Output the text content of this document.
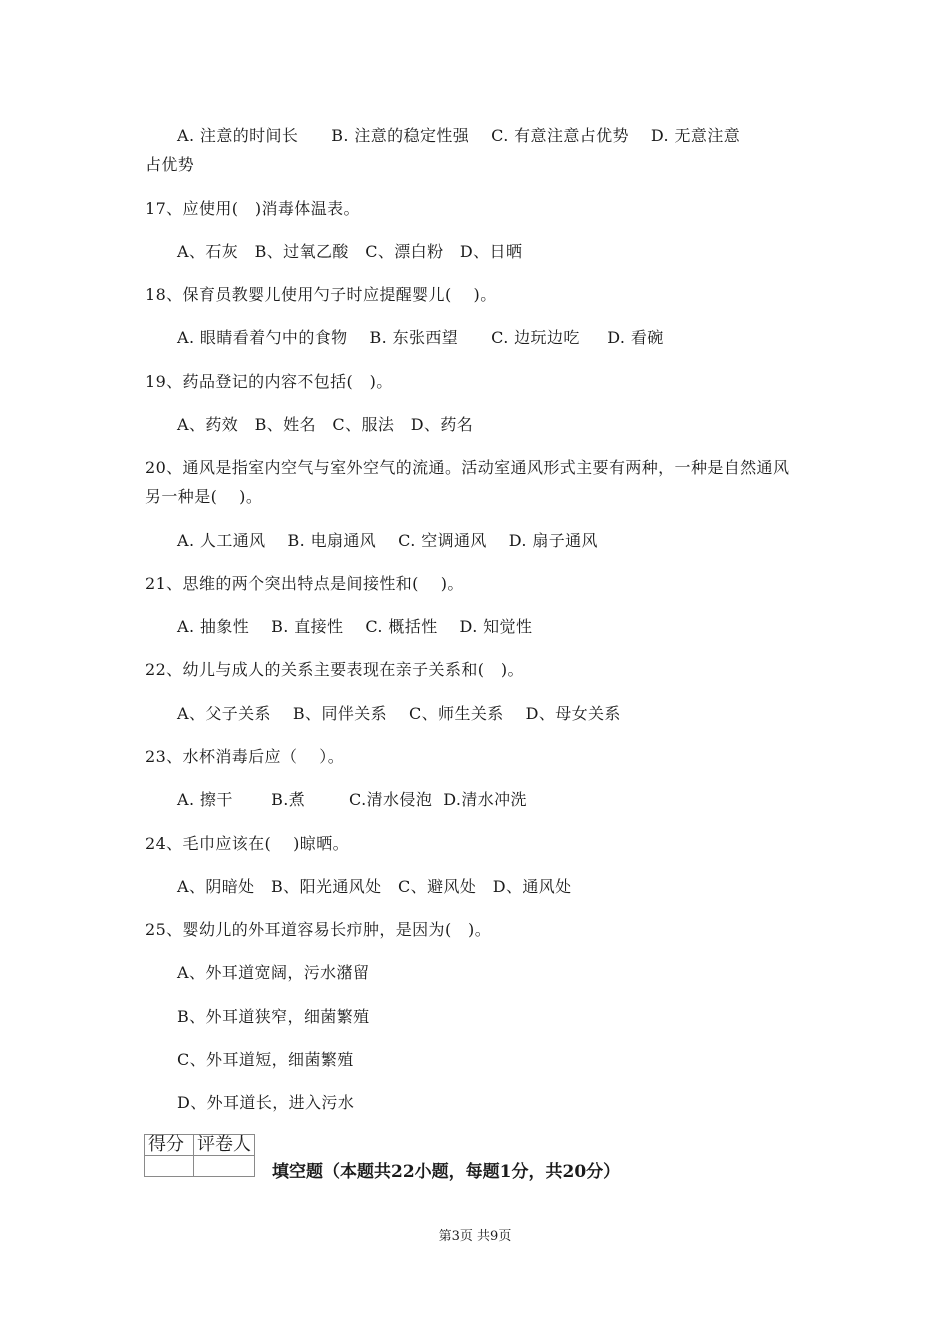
A. 注意的时间长      B. 注意的稳定性强    C. 有意注意占优势    D. 无意注意
占优势
17、应使用(   )消毒体温表。
A、石灰   B、过氧乙酸   C、漂白粉   D、日晒
18、保育员教婴儿使用勺子时应提醒婴儿(    )。
A. 眼睛看着勺中的食物    B. 东张西望      C. 边玩边吃     D. 看碗
19、药品登记的内容不包括(   )。
A、药效   B、姓名   C、服法   D、药名
20、通风是指室内空气与室外空气的流通。活动室通风形式主要有两种，一种是自然通风
另一种是(    )。
A. 人工通风    B. 电扇通风    C. 空调通风    D. 扇子通风
21、思维的两个突出特点是间接性和(    )。
A. 抽象性    B. 直接性    C. 概括性    D. 知觉性
22、幼儿与成人的关系主要表现在亲子关系和(   )。
A、父子关系    B、同伴关系    C、师生关系    D、母女关系
23、水杯消毒后应（    ）。
A. 擦干       B.煮        C.清水侵泡  D.清水冲洗
24、毛巾应该在(    )晾晒。
A、阴暗处   B、阳光通风处   C、避风处   D、通风处
25、婴幼儿的外耳道容易长疖肿，是因为(   )。
A、外耳道宽阔，污水潴留
B、外耳道狭窄，细菌繁殖
C、外耳道短，细菌繁殖
D、外耳道长，进入污水
得分	评卷人

填空题（本题共22小题，每题1分，共20分）
第3页 共9页
